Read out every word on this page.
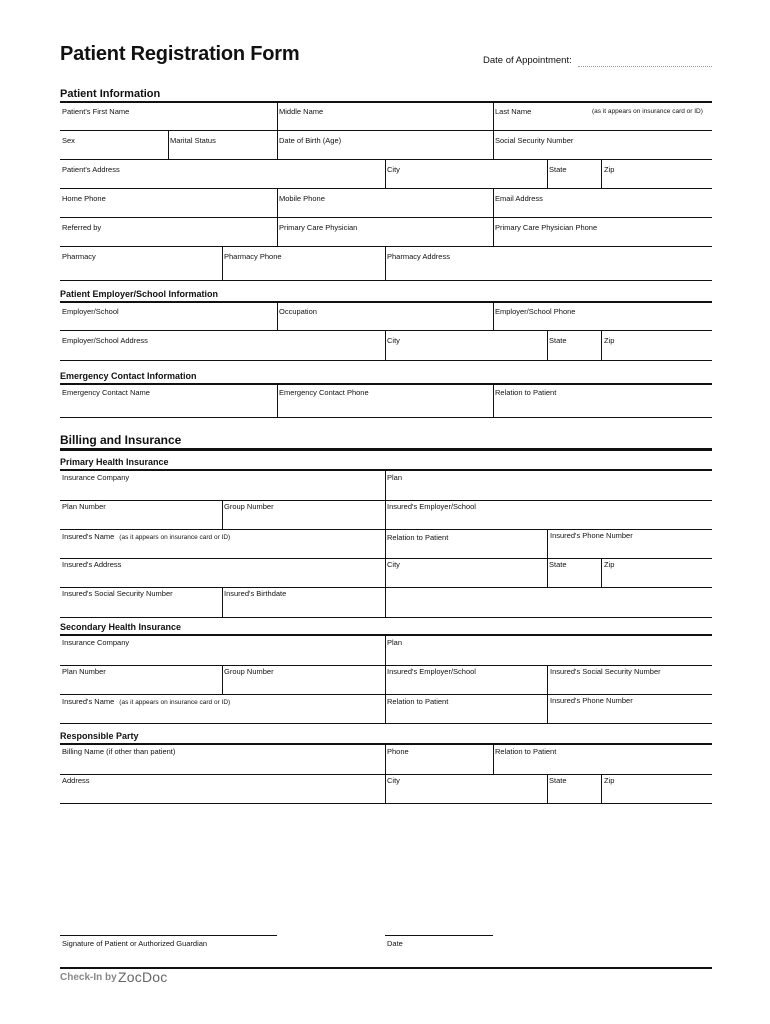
Patient Registration Form	Date of Appointment:
Patient Information
Patient's First Name	Middle Name	Last Name	(as it appears on insurance card or ID)
Sex	Marital Status	Date of Birth (Age)	Social Security Number
Patient's Address	City	State	Zip
Home Phone	Mobile Phone	Email Address
Referred by	Primary Care Physician	Primary Care Physician Phone
Pharmacy	Pharmacy Phone	Pharmacy Address
Patient Employer/School Information
Employer/School	Occupation	Employer/School Phone
Employer/School Address	City	State	Zip
Emergency Contact Information
Emergency Contact Name	Emergency Contact Phone	Relation to Patient
Billing and Insurance
Primary Health Insurance
Insurance Company	Plan
Plan Number	Group Number	Insured's Employer/School
Insured's Name (as it appears on insurance card or ID)	Relation to Patient	Insured's Phone Number
Insured's Address	City	State	Zip
Insured's Social Security Number	Insured's Birthdate
Secondary Health Insurance
Insurance Company	Plan
Plan Number	Group Number	Insured's Employer/School	Insured's Social Security Number
Insured's Name (as it appears on insurance card or ID)	Relation to Patient	Insured's Phone Number
Responsible Party
Billing Name (if other than patient)	Phone	Relation to Patient
Address	City	State	Zip
Signature of Patient or Authorized Guardian	Date
Check-In by ZocDoc
